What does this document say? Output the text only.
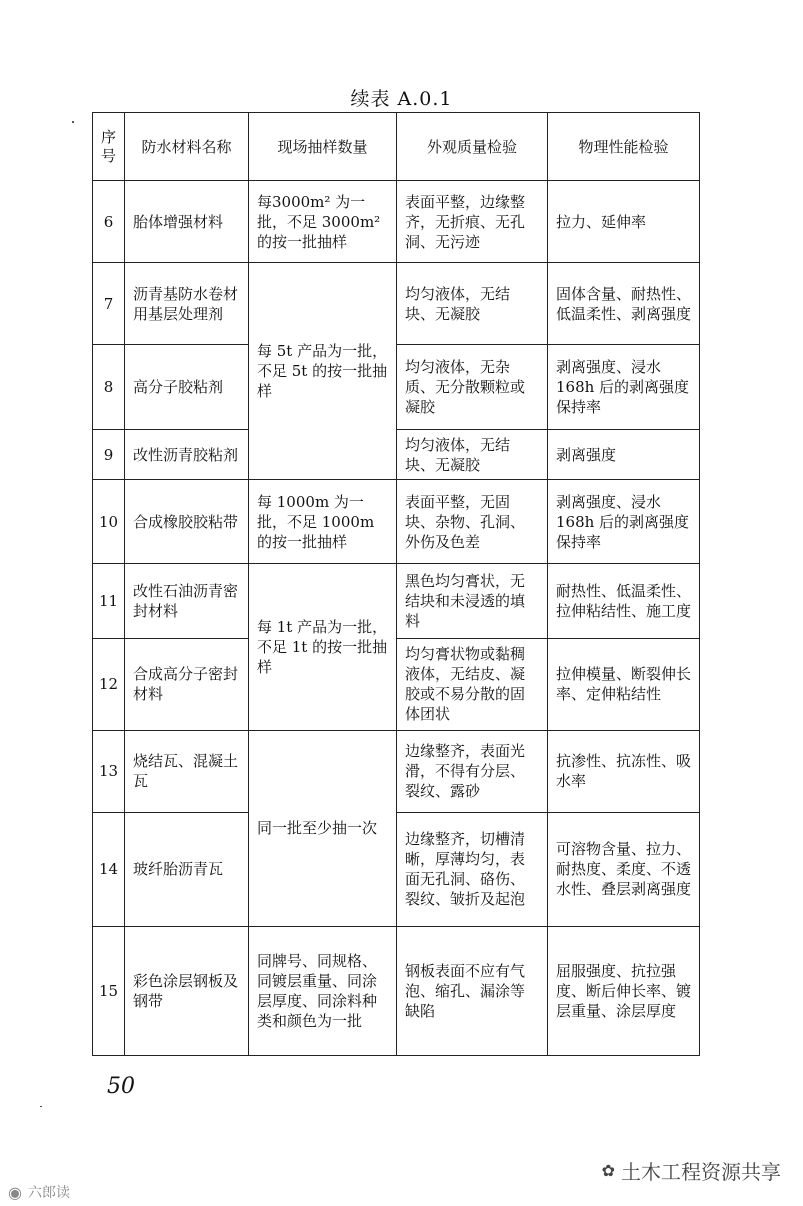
续表 A.0.1
序号	防水材料名称	现场抽样数量	外观质量检验	物理性能检验
6	胎体增强材料	每3000m² 为一批，不足 3000m² 的按一批抽样	表面平整，边缘整齐，无折痕、无孔洞、无污迹	拉力、延伸率
7	沥青基防水卷材用基层处理剂	每 5t 产品为一批，不足 5t 的按一批抽样	均匀液体，无结块、无凝胶	固体含量、耐热性、低温柔性、剥离强度
8	高分子胶粘剂		均匀液体，无杂质、无分散颗粒或凝胶	剥离强度、浸水168h 后的剥离强度保持率
9	改性沥青胶粘剂		均匀液体，无结块、无凝胶	剥离强度
10	合成橡胶胶粘带	每 1000m 为一批，不足 1000m 的按一批抽样	表面平整，无固块、杂物、孔洞、外伤及色差	剥离强度、浸水168h 后的剥离强度保持率
11	改性石油沥青密封材料	每 1t 产品为一批，不足 1t 的按一批抽样	黑色均匀膏状，无结块和未浸透的填料	耐热性、低温柔性、拉伸粘结性、施工度
12	合成高分子密封材料		均匀膏状物或黏稠液体，无结皮、凝胶或不易分散的固体团状	拉伸模量、断裂伸长率、定伸粘结性
13	烧结瓦、混凝土瓦	同一批至少抽一次	边缘整齐，表面光滑，不得有分层、裂纹、露砂	抗渗性、抗冻性、吸水率
14	玻纤胎沥青瓦		边缘整齐，切槽清晰，厚薄均匀，表面无孔洞、硌伤、裂纹、皱折及起泡	可溶物含量、拉力、耐热度、柔度、不透水性、叠层剥离强度
15	彩色涂层钢板及钢带	同牌号、同规格、同镀层重量、同涂层厚度、同涂料种类和颜色为一批	钢板表面不应有气泡、缩孔、漏涂等缺陷	屈服强度、抗拉强度、断后伸长率、镀层重量、涂层厚度
50
✿ 土木工程资源共享
◉ 六郎读
